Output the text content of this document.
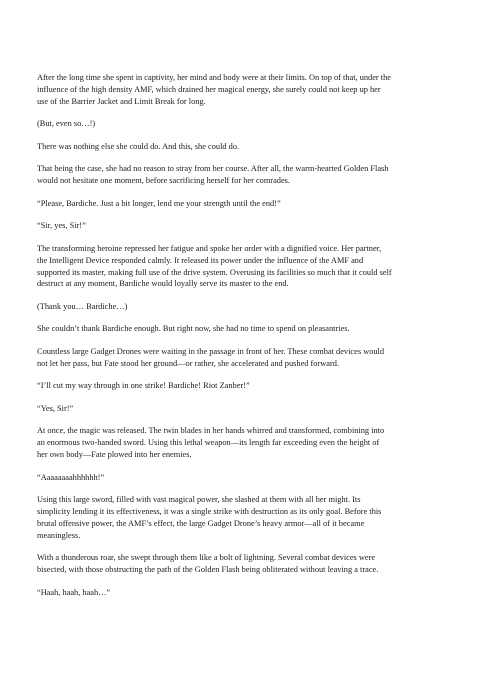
After the long time she spent in captivity, her mind and body were at their limits. On top of that, under the
influence of the high density AMF, which drained her magical energy, she surely could not keep up her
use of the Barrier Jacket and Limit Break for long.

(But, even so…!)

There was nothing else she could do. And this, she could do.

That being the case, she had no reason to stray from her course. After all, the warm-hearted Golden Flash
would not hesitate one moment, before sacrificing herself for her comrades.

“Please, Bardiche. Just a bit longer, lend me your strength until the end!”

“Sir, yes, Sir!”

The transforming heroine repressed her fatigue and spoke her order with a dignified voice. Her partner,
the Intelligent Device responded calmly. It released its power under the influence of the AMF and
supported its master, making full use of the drive system. Overusing its facilities so much that it could self
destruct at any moment, Bardiche would loyally serve its master to the end.

(Thank you… Bardiche…)

She couldn’t thank Bardiche enough. But right now, she had no time to spend on pleasantries.

Countless large Gadget Drones were waiting in the passage in front of her. These combat devices would
not let her pass, but Fate stood her ground—or rather, she accelerated and pushed forward.

“I’ll cut my way through in one strike! Bardiche! Riot Zanber!”

“Yes, Sir!”

At once, the magic was released. The twin blades in her hands whirred and transformed, combining into
an enormous two-handed sword. Using this lethal weapon—its length far exceeding even the height of
her own body—Fate plowed into her enemies.

“Aaaaaaaahhhhhh!”

Using this large sword, filled with vast magical power, she slashed at them with all her might. Its
simplicity lending it its effectiveness, it was a single strike with destruction as its only goal. Before this
brutal offensive power, the AMF’s effect, the large Gadget Drone’s heavy armor—all of it became
meaningless.

With a thunderous roar, she swept through them like a bolt of lightning. Several combat devices were
bisected, with those obstructing the path of the Golden Flash being obliterated without leaving a trace.

“Haah, haah, haah…”
